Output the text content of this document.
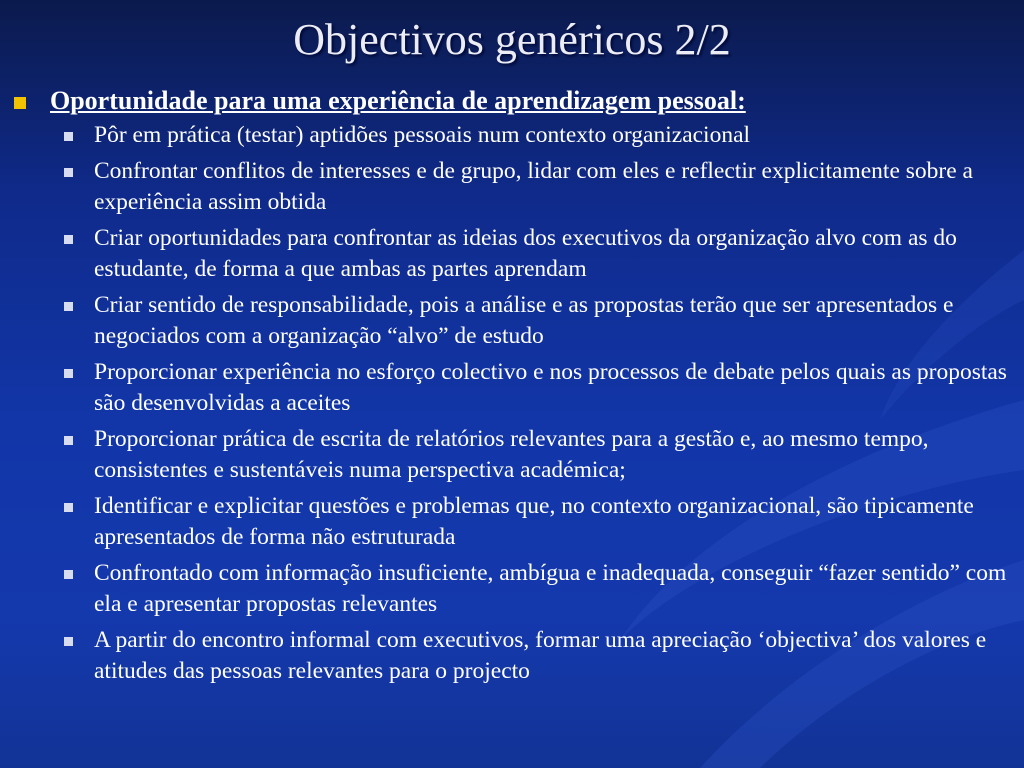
Objectivos genéricos 2/2
Oportunidade para uma experiência de aprendizagem pessoal:
Pôr em prática (testar) aptidões pessoais num contexto organizacional
Confrontar conflitos de interesses e de grupo, lidar com eles e reflectir explicitamente sobre a experiência assim obtida
Criar oportunidades para confrontar as ideias dos executivos da organização alvo com as do estudante, de forma a que ambas as partes aprendam
Criar sentido de responsabilidade, pois a análise e as propostas terão que ser apresentados e negociados com a organização “alvo” de estudo
Proporcionar experiência no esforço colectivo e nos processos de debate pelos quais as propostas são desenvolvidas a aceites
Proporcionar prática de escrita de relatórios relevantes para a gestão e, ao mesmo tempo, consistentes e sustentáveis numa perspectiva académica;
Identificar e explicitar questões e problemas que, no contexto organizacional, são tipicamente apresentados de forma não estruturada
Confrontado com informação insuficiente, ambígua e inadequada, conseguir “fazer sentido” com ela e apresentar propostas relevantes
A partir do encontro informal com executivos, formar uma apreciação ‘objectiva’ dos valores e atitudes das pessoas relevantes para o projecto
